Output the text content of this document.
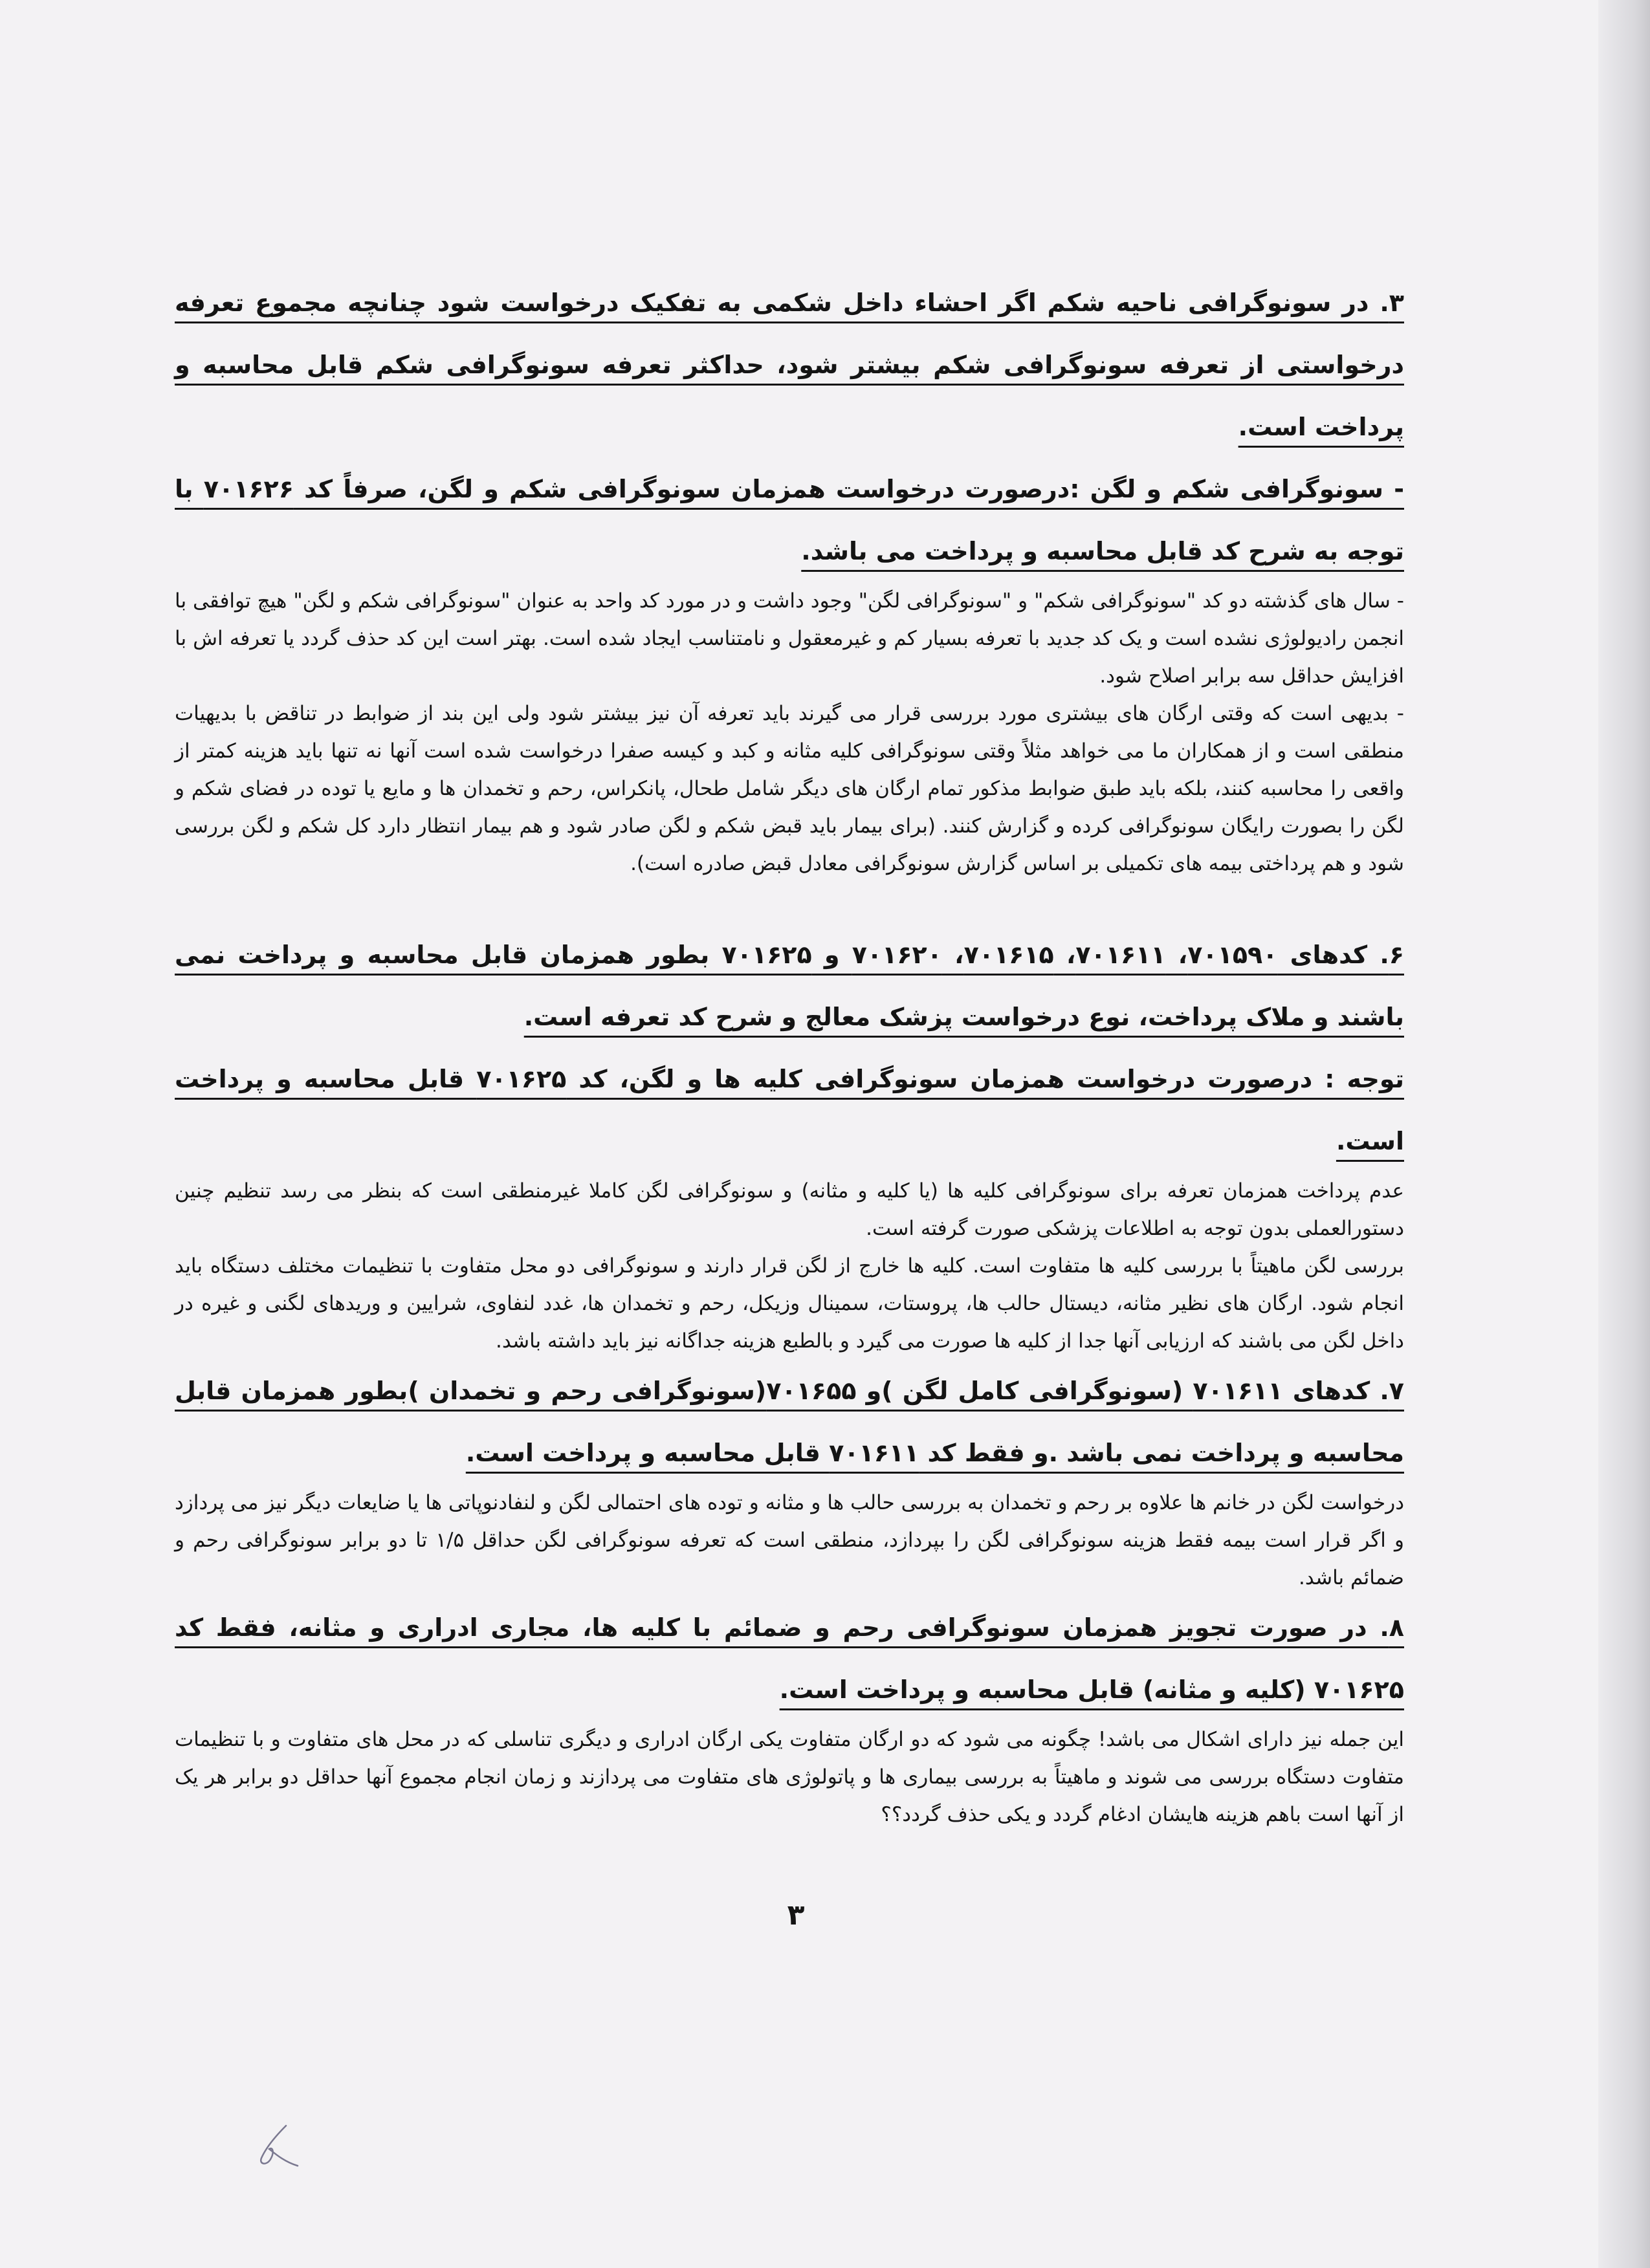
۳. در سونوگرافی ناحیه شکم اگر احشاء داخل شکمی به تفکیک درخواست شود چنانچه مجموع تعرفه درخواستی از تعرفه سونوگرافی شکم بیشتر شود، حداکثر تعرفه سونوگرافی شکم قابل محاسبه و پرداخت است.

- سونوگرافی شکم و لگن :درصورت درخواست همزمان سونوگرافی شکم و لگن، صرفاً کد ۷۰۱۶۲۶ با توجه به شرح کد قابل محاسبه و پرداخت می باشد.

- سال های گذشته دو کد "سونوگرافی شکم" و "سونوگرافی لگن" وجود داشت و در مورد کد واحد به عنوان "سونوگرافی شکم و لگن" هیچ توافقی با انجمن رادیولوژی نشده است و یک کد جدید با تعرفه بسیار کم و غیرمعقول و نامتناسب ایجاد شده است. بهتر است این کد حذف گردد یا تعرفه اش با افزایش حداقل سه برابر اصلاح شود.

- بدیهی است که وقتی ارگان های بیشتری مورد بررسی قرار می گیرند باید تعرفه آن نیز بیشتر شود ولی این بند از ضوابط در تناقض با بدیهیات منطقی است و از همکاران ما می خواهد مثلاً وقتی سونوگرافی کلیه مثانه و کبد و کیسه صفرا درخواست شده است آنها نه تنها باید هزینه کمتر از واقعی را محاسبه کنند، بلکه باید طبق ضوابط مذکور تمام ارگان های دیگر شامل طحال، پانکراس، رحم و تخمدان ها و مایع یا توده در فضای شکم و لگن را بصورت رایگان سونوگرافی کرده و گزارش کنند. (برای بیمار باید قبض شکم و لگن صادر شود و هم بیمار انتظار دارد کل شکم و لگن بررسی شود و هم پرداختی بیمه های تکمیلی بر اساس گزارش سونوگرافی معادل قبض صادره است).

۶. کدهای ۷۰۱۵۹۰، ۷۰۱۶۱۱، ۷۰۱۶۱۵، ۷۰۱۶۲۰ و ۷۰۱۶۲۵ بطور همزمان قابل محاسبه و پرداخت نمی باشند و ملاک پرداخت، نوع درخواست پزشک معالج و شرح کد تعرفه است.

توجه : درصورت درخواست همزمان سونوگرافی کلیه ها و لگن، کد ۷۰۱۶۲۵ قابل محاسبه و پرداخت است.

عدم پرداخت همزمان تعرفه برای سونوگرافی کلیه ها (یا کلیه و مثانه) و سونوگرافی لگن کاملا غیرمنطقی است که بنظر می رسد تنظیم چنین دستورالعملی بدون توجه به اطلاعات پزشکی صورت گرفته است.

بررسی لگن ماهیتاً با بررسی کلیه ها متفاوت است. کلیه ها خارج از لگن قرار دارند و سونوگرافی دو محل متفاوت با تنظیمات مختلف دستگاه باید انجام شود. ارگان های نظیر مثانه، دیستال حالب ها، پروستات، سمینال وزیکل، رحم و تخمدان ها، غدد لنفاوی، شرایین و وریدهای لگنی و غیره در داخل لگن می باشند که ارزیابی آنها جدا از کلیه ها صورت می گیرد و بالطبع هزینه جداگانه نیز باید داشته باشد.

۷. کدهای ۷۰۱۶۱۱ (سونوگرافی کامل لگن )و ۷۰۱۶۵۵(سونوگرافی رحم و تخمدان )بطور همزمان قابل محاسبه و پرداخت نمی باشد .و فقط کد ۷۰۱۶۱۱ قابل محاسبه و پرداخت است.

درخواست لگن در خانم ها علاوه بر رحم و تخمدان به بررسی حالب ها و مثانه و توده های احتمالی لگن و لنفادنوپاتی ها یا ضایعات دیگر نیز می پردازد و اگر قرار است بیمه فقط هزینه سونوگرافی لگن را بپردازد، منطقی است که تعرفه سونوگرافی لگن حداقل ۱/۵ تا دو برابر سونوگرافی رحم و ضمائم باشد.

۸. در صورت تجویز همزمان سونوگرافی رحم و ضمائم با کلیه ها، مجاری ادراری و مثانه، فقط کد ۷۰۱۶۲۵ (کلیه و مثانه) قابل محاسبه و پرداخت است.

این جمله نیز دارای اشکال می باشد! چگونه می شود که دو ارگان متفاوت یکی ارگان ادراری و دیگری تناسلی که در محل های متفاوت و با تنظیمات متفاوت دستگاه بررسی می شوند و ماهیتاً به بررسی بیماری ها و پاتولوژی های متفاوت می پردازند و زمان انجام مجموع آنها حداقل دو برابر هر یک از آنها است باهم هزینه هایشان ادغام گردد و یکی حذف گردد؟؟

۳
